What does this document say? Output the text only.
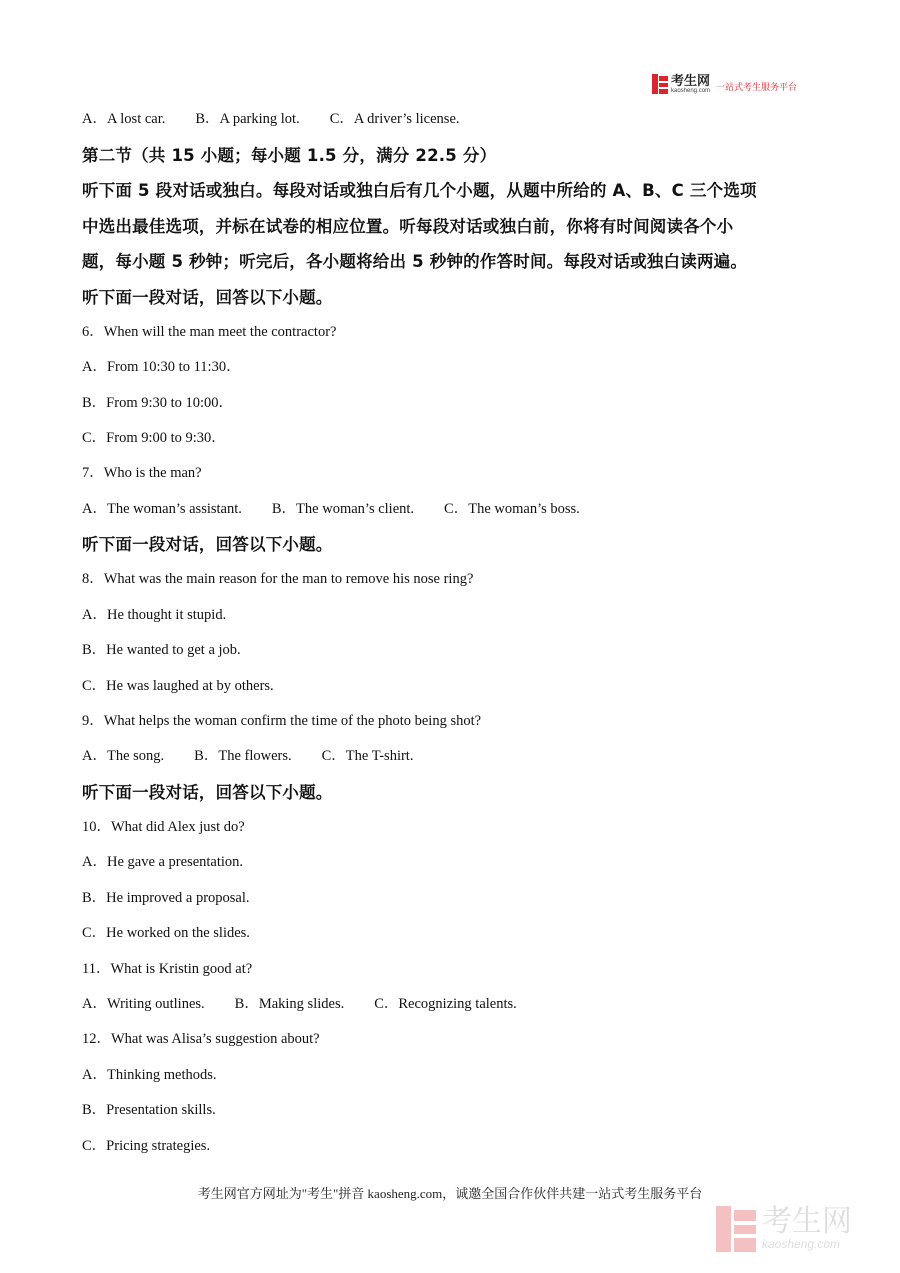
考生网
kaosheng.com 一站式考生服务平台
A．A lost car. B．A parking lot. C．A driver’s license.
第二节（共 15 小题；每小题 1.5 分，满分 22.5 分）
听下面 5 段对话或独白。每段对话或独白后有几个小题，从题中所给的 A、B、C 三个选项
中选出最佳选项，并标在试卷的相应位置。听每段对话或独白前，你将有时间阅读各个小
题，每小题 5 秒钟；听完后，各小题将给出 5 秒钟的作答时间。每段对话或独白读两遍。
听下面一段对话，回答以下小题。
6．When will the man meet the contractor?
A．From 10:30 to 11:30．
B．From 9:30 to 10:00．
C．From 9:00 to 9:30．
7．Who is the man?
A．The woman’s assistant. B．The woman’s client. C．The woman’s boss.
听下面一段对话，回答以下小题。
8．What was the main reason for the man to remove his nose ring?
A．He thought it stupid.
B．He wanted to get a job.
C．He was laughed at by others.
9．What helps the woman confirm the time of the photo being shot?
A．The song. B．The flowers. C．The T-shirt.
听下面一段对话，回答以下小题。
10．What did Alex just do?
A．He gave a presentation.
B．He improved a proposal.
C．He worked on the slides.
11．What is Kristin good at?
A．Writing outlines. B．Making slides. C．Recognizing talents.
12．What was Alisa’s suggestion about?
A．Thinking methods.
B．Presentation skills.
C．Pricing strategies.
考生网官方网址为"考生"拼音 kaosheng.com，诚邀全国合作伙伴共建一站式考生服务平台
考生网
kaosheng.com
